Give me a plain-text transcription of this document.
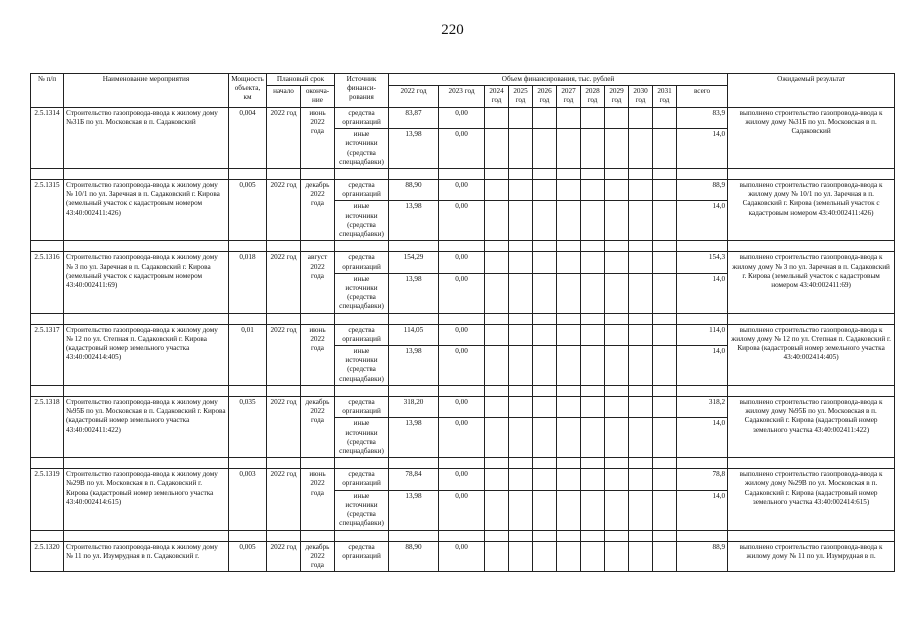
220
№ п/п	Наименование мероприятия	Мощность объекта, км	Плановый срок		Источник финанси-рования	Объем финансирования, тыс. рублей											Ожидаемый результат
			начало	оконча-ние		2022 год	2023 год	2024 год	2025 год	2026 год	2027 год	2028 год	2029 год	2030 год	2031 год	всего	
2.5.1314	Строительство газопровода-ввода к жилому дому №31Б по ул. Московская в п. Садаковский	0,004	2022 год	июнь 2022 года	средства организаций	83,87	0,00									83,9	выполнено строительство газопровода-ввода к жилому дому №31Б по ул. Московская в п. Садаковский
					иные источники (средства спецнадбавки)	13,98	0,00									14,0	

2.5.1315	Строительство газопровода-ввода к жилому дому № 10/1 по ул. Заречная в п. Садаковский г. Кирова (земельный участок с кадастровым номером 43:40:002411:426)	0,005	2022 год	декабрь 2022 года	средства организаций	88,90	0,00									88,9	выполнено строительство газопровода-ввода к жилому дому № 10/1 по ул. Заречная в п. Садаковский г. Кирова (земельный участок с кадастровым номером 43:40:002411:426)
					иные источники (средства спецнадбавки)	13,98	0,00									14,0	

2.5.1316	Строительство газопровода-ввода к жилому дому № 3 по ул. Заречная в п. Садаковский г. Кирова (земельный участок с кадастровым номером 43:40:002411:69)	0,018	2022 год	август 2022 года	средства организаций	154,29	0,00									154,3	выполнено строительство газопровода-ввода к жилому дому № 3 по ул. Заречная в п. Садаковский г. Кирова (земельный участок с кадастровым номером 43:40:002411:69)
					иные источники (средства спецнадбавки)	13,98	0,00									14,0	

2.5.1317	Строительство газопровода-ввода к жилому дому № 12 по ул. Степная п. Садаковский г. Кирова (кадастровый номер земельного участка 43:40:002414:405)	0,01	2022 год	июнь 2022 года	средства организаций	114,05	0,00									114,0	выполнено строительство газопровода-ввода к жилому дому № 12 по ул. Степная п. Садаковский г. Кирова (кадастровый номер земельного участка 43:40:002414:405)
					иные источники (средства спецнадбавки)	13,98	0,00									14,0	

2.5.1318	Строительство газопровода-ввода к жилому дому №95Б по ул. Московская в п. Садаковский г. Кирова (кадастровый номер земельного участка 43:40:002411:422)	0,035	2022 год	декабрь 2022 года	средства организаций	318,20	0,00									318,2	выполнено строительство газопровода-ввода к жилому дому №95Б по ул. Московская в п. Садаковский г. Кирова (кадастровый номер земельного участка 43:40:002411:422)
					иные источники (средства спецнадбавки)	13,98	0,00									14,0	

2.5.1319	Строительство газопровода-ввода к жилому дому №29В по ул. Московская в п. Садаковский г. Кирова (кадастровый номер земельного участка 43:40:002414:615)	0,003	2022 год	июнь 2022 года	средства организаций	78,84	0,00									78,8	выполнено строительство газопровода-ввода к жилому дому №29В по ул. Московская в п. Садаковский г. Кирова (кадастровый номер земельного участка 43:40:002414:615)
					иные источники (средства спецнадбавки)	13,98	0,00									14,0	

2.5.1320	Строительство газопровода-ввода к жилому дому № 11 по ул. Изумрудная в п. Садаковский г.	0,005	2022 год	декабрь 2022 года	средства организаций	88,90	0,00									88,9	выполнено строительство газопровода-ввода к жилому дому № 11 по ул. Изумрудная в п.
